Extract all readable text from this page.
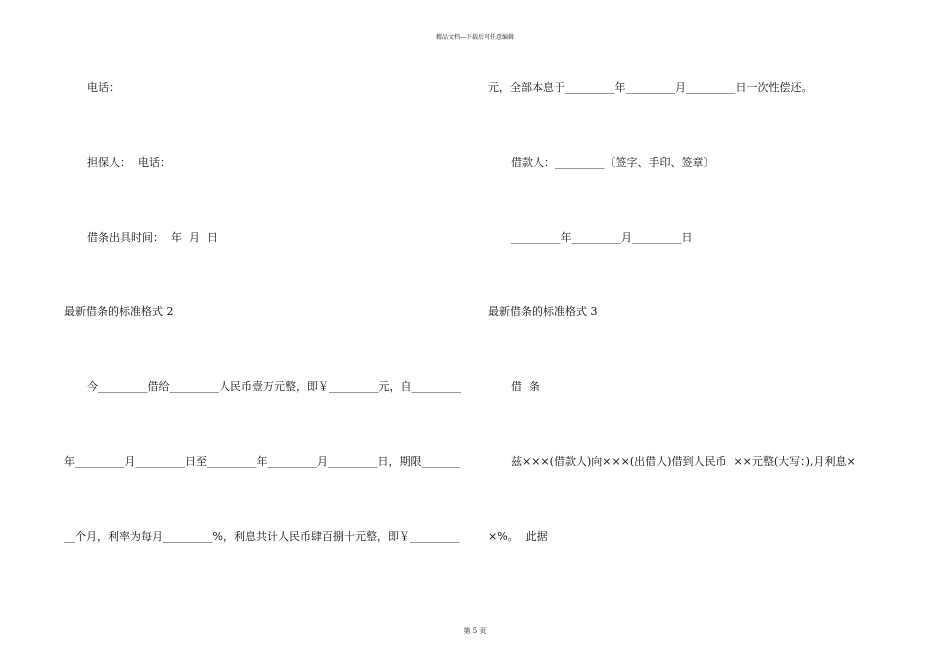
精品文档---下载后可任意编辑
电话：
担保人：  电话：
借条出具时间：  年  月  日
最新借条的标准格式 2
今_________借给_________人民币壹万元整，即￥_________元，自_________
年_________月_________日至_________年_________月_________日，期限_______
__个月，利率为每月_________%，利息共计人民币肆百捌十元整，即￥_________
元，全部本息于_________年_________月_________日一次性偿还。
借款人：_________〔签字、手印、签章〕
_________年_________月_________日
最新借条的标准格式 3
借  条
兹×××(借款人)向×××(出借人)借到人民币  ××元整(大写：),月利息×
×%。  此据
第 5 页
